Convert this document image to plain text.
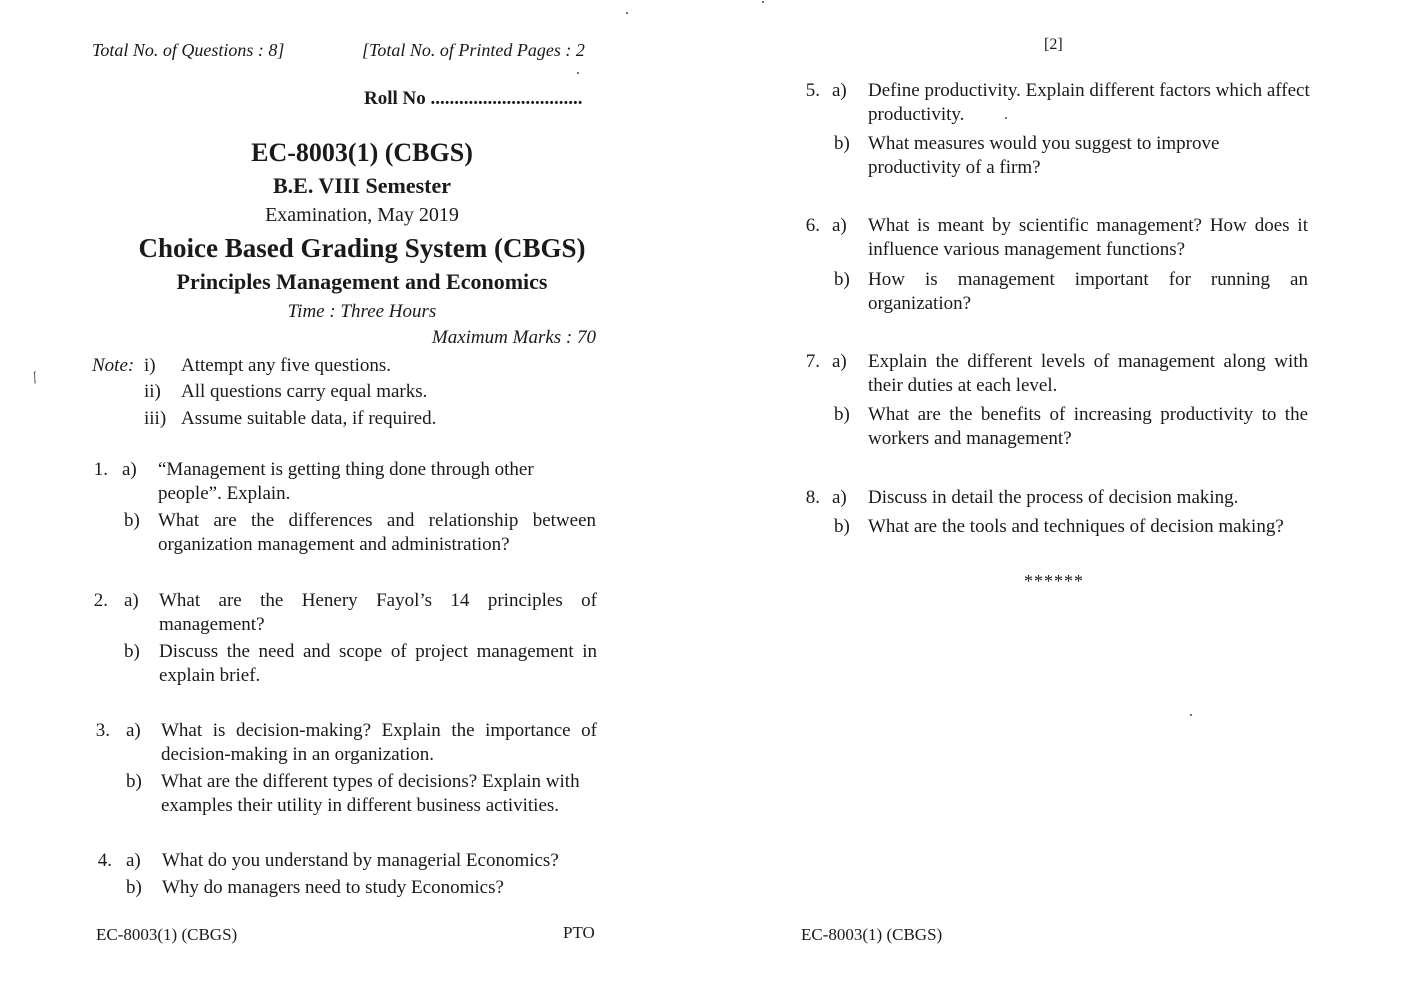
Total No. of Questions : 8]	[Total No. of Printed Pages : 2
Roll No ................................
EC-8003(1) (CBGS)
B.E. VIII Semester
Examination, May 2019
Choice Based Grading System (CBGS)
Principles Management and Economics
Time : Three Hours
Maximum Marks : 70
ー
Note: i) Attempt any five questions.
ii) All questions carry equal marks.
iii) Assume suitable data, if required.
1. a) “Management is getting thing done through other people”. Explain.
b) What are the differences and relationship between organization management and administration?
2. a) What are the Henery Fayol’s 14 principles of management?
b) Discuss the need and scope of project management in explain brief.
3. a) What is decision-making? Explain the importance of decision-making in an organization.
b) What are the different types of decisions? Explain with examples their utility in different business activities.
4. a) What do you understand by managerial Economics?
b) Why do managers need to study Economics?
EC-8003(1) (CBGS)	PTO
[2]
5. a) Define productivity. Explain different factors which affect productivity.
b) What measures would you suggest to improve productivity of a firm?
6. a) What is meant by scientific management? How does it influence various management functions?
b) How is management important for running an organization?
7. a) Explain the different levels of management along with their duties at each level.
b) What are the benefits of increasing productivity to the workers and management?
8. a) Discuss in detail the process of decision making.
b) What are the tools and techniques of decision making?
******
EC-8003(1) (CBGS)
